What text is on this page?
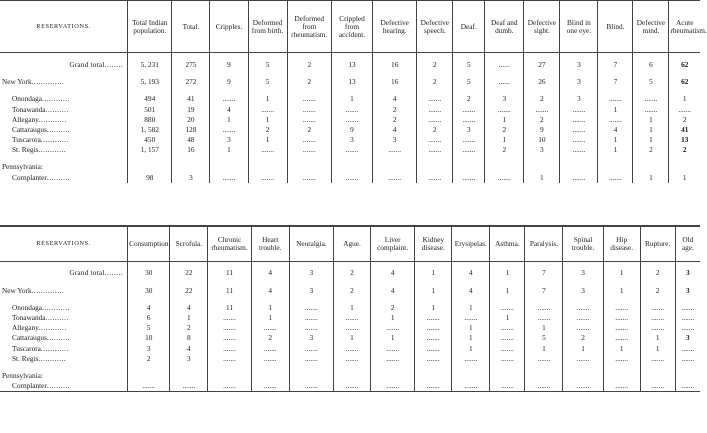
RESERVATIONS.	Total Indian population.	Total.	Cripples.	Deformed from birth.	Deformed from rheumatism.	Crippled from accident.	Defective hearing.	Defective speech.	Deaf.	Deaf and dumb.	Defective sight.	Blind in one eye.	Blind.	Defective mind.	Acute rheumatism.

Grand total........	5, 231	275	9	5	2	13	16	2	5	......	27	3	7	6	62

New York..............	5, 193	272	9	5	2	13	16	2	5	......	26	3	7	5	62

Onondaga............	494	41	.......	1	.......	1	4	.......	2	3	2	3	.......	.......	1
Tonawanda..........	501	19	4	.......	.......	.......	2	.......	.......	.......	.......	.......	1	.......	.......
Allegany............	880	20	1	1	.......	.......	2	.......	.......	1	2	.......	.......	1	2
Cattaraugus..........	1, 582	128	.......	2	2	9	4	2	3	2	9	.......	4	1	41
Tuscarora............	450	48	3	1	.......	3	3	.......	.......	1	10	.......	1	1	13
St. Regis............	1, 157	16	1	.......	.......	.......	.......	.......	.......	2	3	.......	1	2	2

Pennsylvania:															
Cornplanter..........	98	3	.......	.......	.......	.......	.......	.......	.......	.......	1	.......	.......	1	1
RESERVATIONS.	Consumption.	Scrofula.	Chronic rheumatism.	Heart trouble.	Neuralgia.	Ague.	Liver complaint.	Kidney disease.	Erysipelas.	Asthma.	Paralysis.	Spinal trouble.	Hip disease.	Rupture.	Old age.

Grand total........	30	22	11	4	3	2	4	1	4	1	7	3	1	2	3

New York..............	30	22	11	4	3	2	4	1	4	1	7	3	1	2	3

Onondaga............	4	4	11	1	.......	1	2	1	1	.......	.......	.......	.......	.......	.......
Tonawanda..........	6	1	.......	1	.......	.......	1	.......	.......	1	.......	.......	.......	.......	.......
Allegany............	5	2	.......	.......	.......	.......	.......	.......	1	.......	1	.......	.......	.......	.......
Cattaraugus..........	10	8	.......	2	3	1	1	.......	1	.......	5	2	.......	1	3
Tuscarora............	3	4	.......	.......	.......	.......	.......	.......	1	.......	1	1	1	1	.......
St. Regis............	2	3	.......	.......	.......	.......	.......	.......	.......	.......	.......	.......	.......	.......	.......

Pennsylvania:															
Cornplanter..........	.......	.......	.......	.......	.......	.......	.......	.......	.......	.......	.......	.......	.......	.......	.......
